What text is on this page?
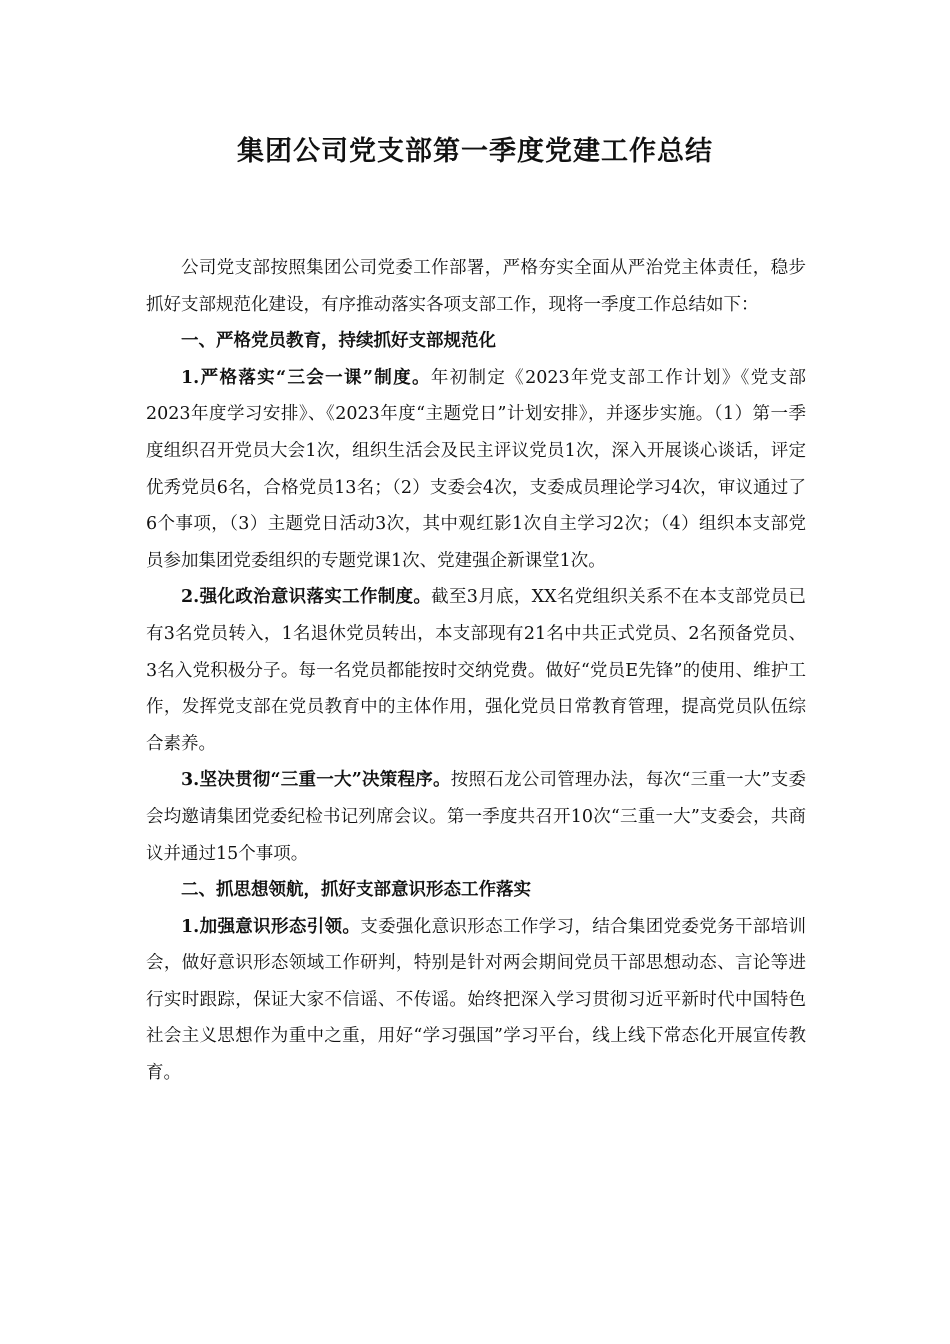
集团公司党支部第一季度党建工作总结

公司党支部按照集团公司党委工作部署，严格夯实全面从严治党主体责任，稳步抓好支部规范化建设，有序推动落实各项支部工作，现将一季度工作总结如下：

一、严格党员教育，持续抓好支部规范化

1.严格落实“三会一课”制度。年初制定《2023年党支部工作计划》《党支部2023年度学习安排》、《2023年度“主题党日”计划安排》，并逐步实施。（1）第一季度组织召开党员大会1次，组织生活会及民主评议党员1次，深入开展谈心谈话，评定优秀党员6名，合格党员13名；（2）支委会4次，支委成员理论学习4次，审议通过了6个事项，（3）主题党日活动3次，其中观红影1次自主学习2次；（4）组织本支部党员参加集团党委组织的专题党课1次、党建强企新课堂1次。

2.强化政治意识落实工作制度。截至3月底，XX名党组织关系不在本支部党员已有3名党员转入，1名退休党员转出，本支部现有21名中共正式党员、2名预备党员、3名入党积极分子。每一名党员都能按时交纳党费。做好“党员E先锋”的使用、维护工作，发挥党支部在党员教育中的主体作用，强化党员日常教育管理，提高党员队伍综合素养。

3.坚决贯彻“三重一大”决策程序。按照石龙公司管理办法，每次“三重一大”支委会均邀请集团党委纪检书记列席会议。第一季度共召开10次“三重一大”支委会，共商议并通过15个事项。

二、抓思想领航，抓好支部意识形态工作落实

1.加强意识形态引领。支委强化意识形态工作学习，结合集团党委党务干部培训会，做好意识形态领域工作研判，特别是针对两会期间党员干部思想动态、言论等进行实时跟踪，保证大家不信谣、不传谣。始终把深入学习贯彻习近平新时代中国特色社会主义思想作为重中之重，用好“学习强国”学习平台，线上线下常态化开展宣传教育。
